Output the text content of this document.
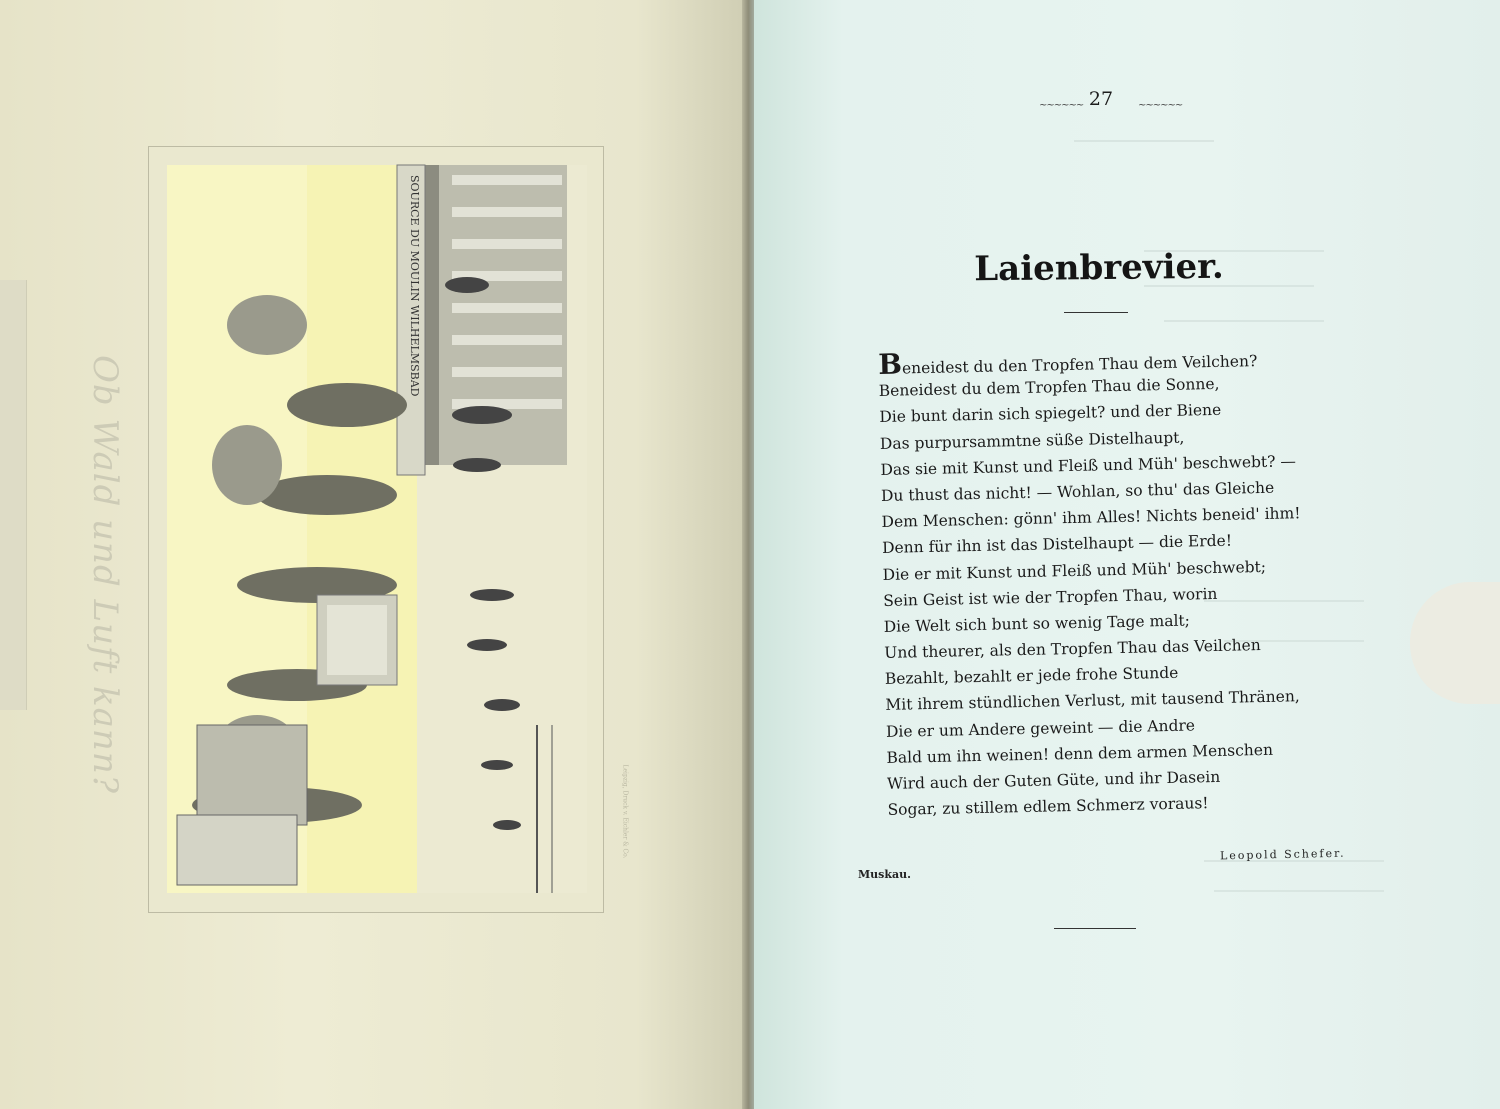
Ob Wald und Luft kann?
SOURCE DU MOULIN WILHELMSBAD
Leipzig, Druck v. Eichler & Co.
~~~~~~ 27	~~~~~~
Laienbrevier.
Beneidest du den Tropfen Thau dem Veilchen?
Beneidest du dem Tropfen Thau die Sonne,
Die bunt darin sich spiegelt? und der Biene
Das purpursammtne süße Distelhaupt,
Das sie mit Kunst und Fleiß und Müh' beschwebt? —
Du thust das nicht! — Wohlan, so thu' das Gleiche
Dem Menschen: gönn' ihm Alles! Nichts beneid' ihm!
Denn für ihn ist das Distelhaupt — die Erde!
Die er mit Kunst und Fleiß und Müh' beschwebt;
Sein Geist ist wie der Tropfen Thau, worin
Die Welt sich bunt so wenig Tage malt;
Und theurer, als den Tropfen Thau das Veilchen
Bezahlt, bezahlt er jede frohe Stunde
Mit ihrem stündlichen Verlust, mit tausend Thränen,
Die er um Andere geweint — die Andre
Bald um ihn weinen! denn dem armen Menschen
Wird auch der Guten Güte, und ihr Dasein
Sogar, zu stillem edlem Schmerz voraus!
Leopold Schefer.
Muskau.
